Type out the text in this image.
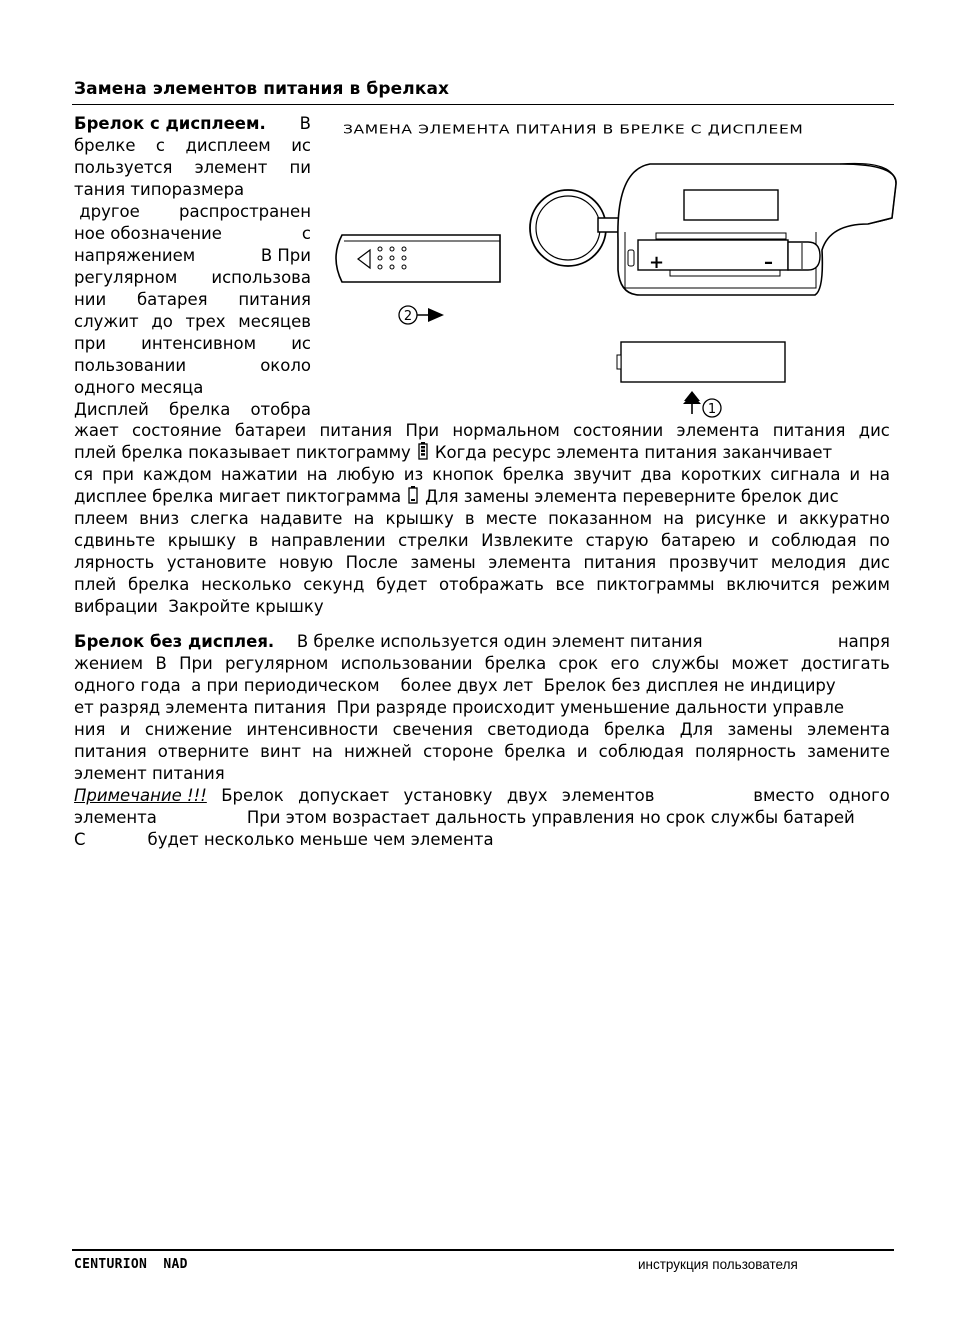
Замена элементов питания в брелках
Брелок с дисплеем. В
брелке с дисплеем ис
пользуется элемент пи
тания типоразмера
другое распространен
ное обозначение	с
напряжением	В При
регулярном использова
нии батарея питания
служит до трех месяцев
при интенсивном ис
пользовании	около
одного месяца
Дисплей брелка отобра
ЗАМЕНА ЭЛЕМЕНТА ПИТАНИЯ В БРЕЛКЕ С ДИСПЛЕЕМ
2
+	–
1
жает состояние батареи питания При нормальном состоянии элемента питания дис
плей брелка показывает пиктограмму Когда ресурс элемента питания заканчивает
ся при каждом нажатии на любую из кнопок брелка звучит два коротких сигнала и на
дисплее брелка мигает пиктограмма Для замены элемента переверните брелок дис
плеем вниз слегка надавите на крышку в месте показанном на рисунке и аккуратно
сдвиньте крышку в направлении стрелки Извлеките старую батарею и соблюдая по
лярность установите новую После замены элемента питания прозвучит мелодия дис
плей брелка несколько секунд будет отображать все пиктограммы включится режим
вибрации  Закройте крышку
Брелок без дисплея. В брелке используется один элемент питания	напря
жением В При регулярном использовании брелка срок его службы может достигать
одного года  а при периодическом    более двух лет  Брелок без дисплея не индициру
ет разряд элемента питания  При разряде происходит уменьшение дальности управле
ния и снижение интенсивности свечения светодиода брелка Для замены элемента
питания отверните винт на нижней стороне брелка и соблюдая полярность замените
элемент питания
Примечание !!! Брелок допускает установку двух элементов	вместо одного
элемента	При этом возрастает дальность управления но срок службы батарей
С	будет несколько меньше чем элемента
CENTURION  NAD	инструкция пользователя
